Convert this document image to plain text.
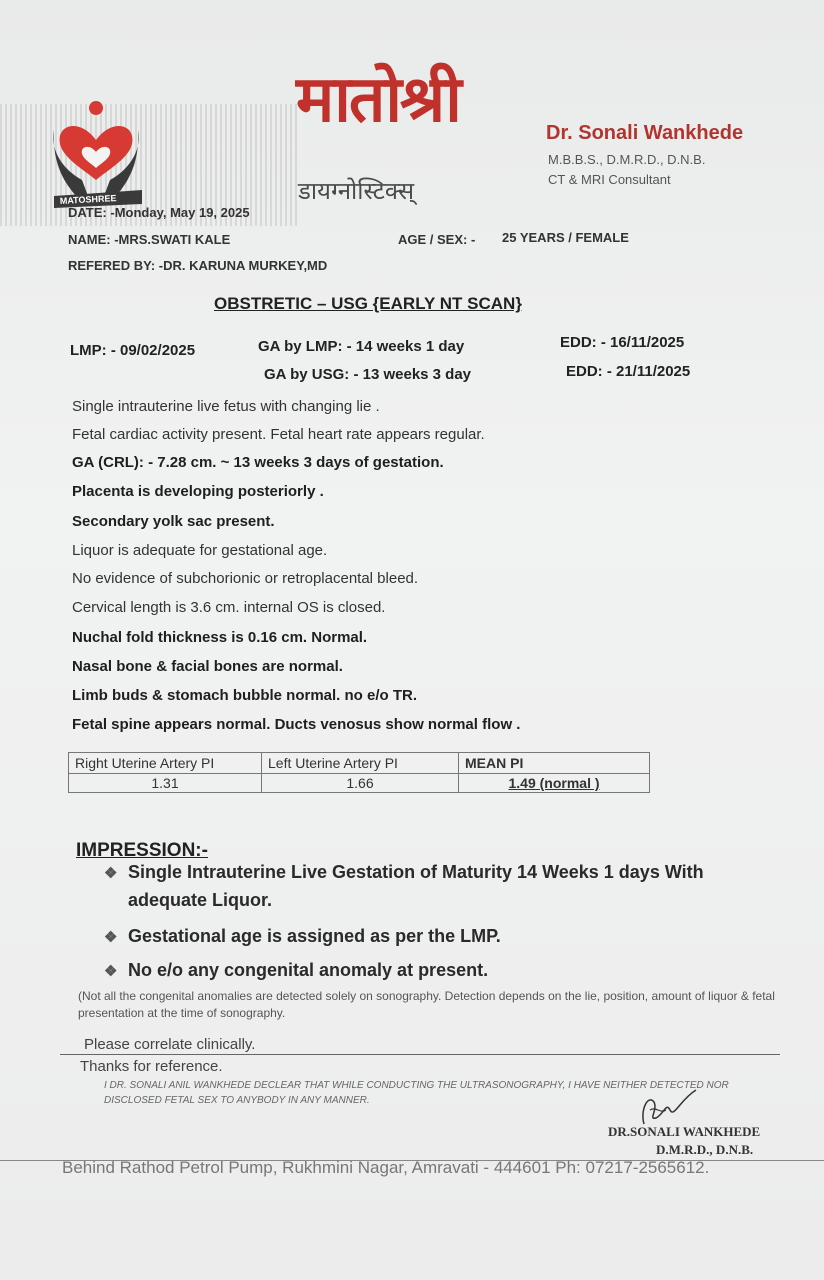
MATOSHREE
मातोश्री
डायग्नोस्टिक्स्
Dr. Sonali Wankhede
M.B.B.S., D.M.R.D., D.N.B.
CT & MRI Consultant
DATE: -Monday, May 19, 2025
NAME: -MRS.SWATI KALE	AGE / SEX: - 25 YEARS / FEMALE
REFERED BY: -DR. KARUNA MURKEY,MD
OBSTRETIC – USG {EARLY NT SCAN}
LMP: - 09/02/2025	GA by LMP: - 14 weeks 1 day	EDD: - 16/11/2025
GA by USG: - 13 weeks 3 day	EDD: - 21/11/2025
Single intrauterine live fetus with changing lie .
Fetal cardiac activity present. Fetal heart rate appears regular.
GA (CRL): - 7.28 cm. ~ 13 weeks 3 days of gestation.
Placenta is developing posteriorly .
Secondary yolk sac present.
Liquor is adequate for gestational age.
No evidence of subchorionic or retroplacental bleed.
Cervical length is 3.6 cm. internal OS is closed.
Nuchal fold thickness is 0.16 cm. Normal.
Nasal bone & facial bones are normal.
Limb buds & stomach bubble normal. no e/o TR.
Fetal spine appears normal. Ducts venosus show normal flow .
Right Uterine Artery PI	Left Uterine Artery PI	MEAN PI
1.31	1.66	1.49 (normal )
IMPRESSION:-
❖ Single Intrauterine Live Gestation of Maturity 14 Weeks 1 days With adequate Liquor.
❖ Gestational age is assigned as per the LMP.
❖ No e/o any congenital anomaly at present.
(Not all the congenital anomalies are detected solely on sonography. Detection depends on the lie, position, amount of liquor & fetal presentation at the time of sonography.
Please correlate clinically.
Thanks for reference.
I DR. SONALI ANIL WANKHEDE DECLEAR THAT WHILE CONDUCTING THE ULTRASONOGRAPHY, I HAVE NEITHER DETECTED NOR DISCLOSED FETAL SEX TO ANYBODY IN ANY MANNER.
DR.SONALI WANKHEDE
D.M.R.D., D.N.B.
Behind Rathod Petrol Pump, Rukhmini Nagar, Amravati - 444601 Ph: 07217-2565612.
